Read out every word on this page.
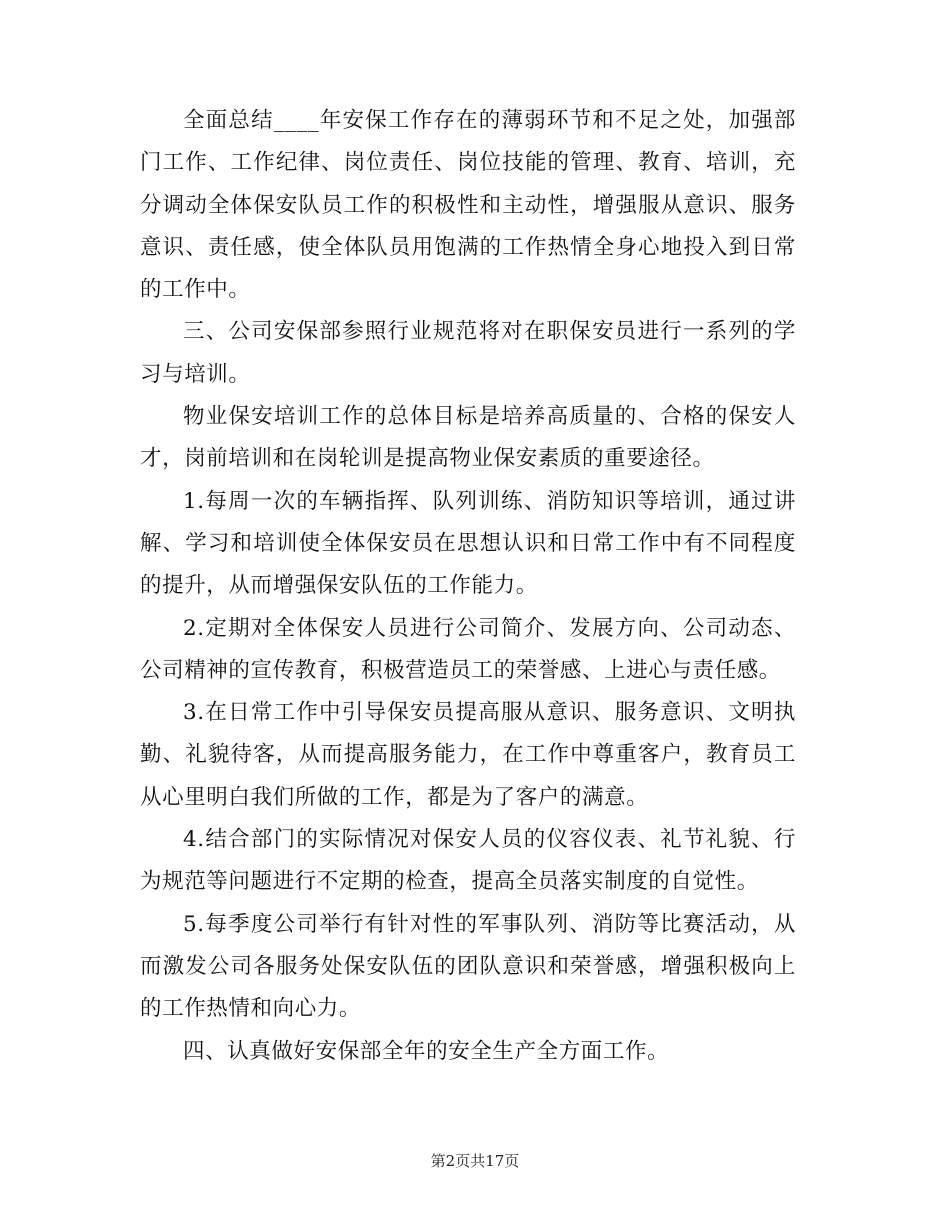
全面总结____年安保工作存在的薄弱环节和不足之处，加强部门工作、工作纪律、岗位责任、岗位技能的管理、教育、培训，充分调动全体保安队员工作的积极性和主动性，增强服从意识、服务意识、责任感，使全体队员用饱满的工作热情全身心地投入到日常的工作中。

三、公司安保部参照行业规范将对在职保安员进行一系列的学习与培训。

物业保安培训工作的总体目标是培养高质量的、合格的保安人才，岗前培训和在岗轮训是提高物业保安素质的重要途径。

1.每周一次的车辆指挥、队列训练、消防知识等培训，通过讲解、学习和培训使全体保安员在思想认识和日常工作中有不同程度的提升，从而增强保安队伍的工作能力。

2.定期对全体保安人员进行公司简介、发展方向、公司动态、公司精神的宣传教育，积极营造员工的荣誉感、上进心与责任感。

3.在日常工作中引导保安员提高服从意识、服务意识、文明执勤、礼貌待客，从而提高服务能力，在工作中尊重客户，教育员工从心里明白我们所做的工作，都是为了客户的满意。

4.结合部门的实际情况对保安人员的仪容仪表、礼节礼貌、行为规范等问题进行不定期的检查，提高全员落实制度的自觉性。

5.每季度公司举行有针对性的军事队列、消防等比赛活动，从而激发公司各服务处保安队伍的团队意识和荣誉感，增强积极向上的工作热情和向心力。

四、认真做好安保部全年的安全生产全方面工作。

第2页共17页
